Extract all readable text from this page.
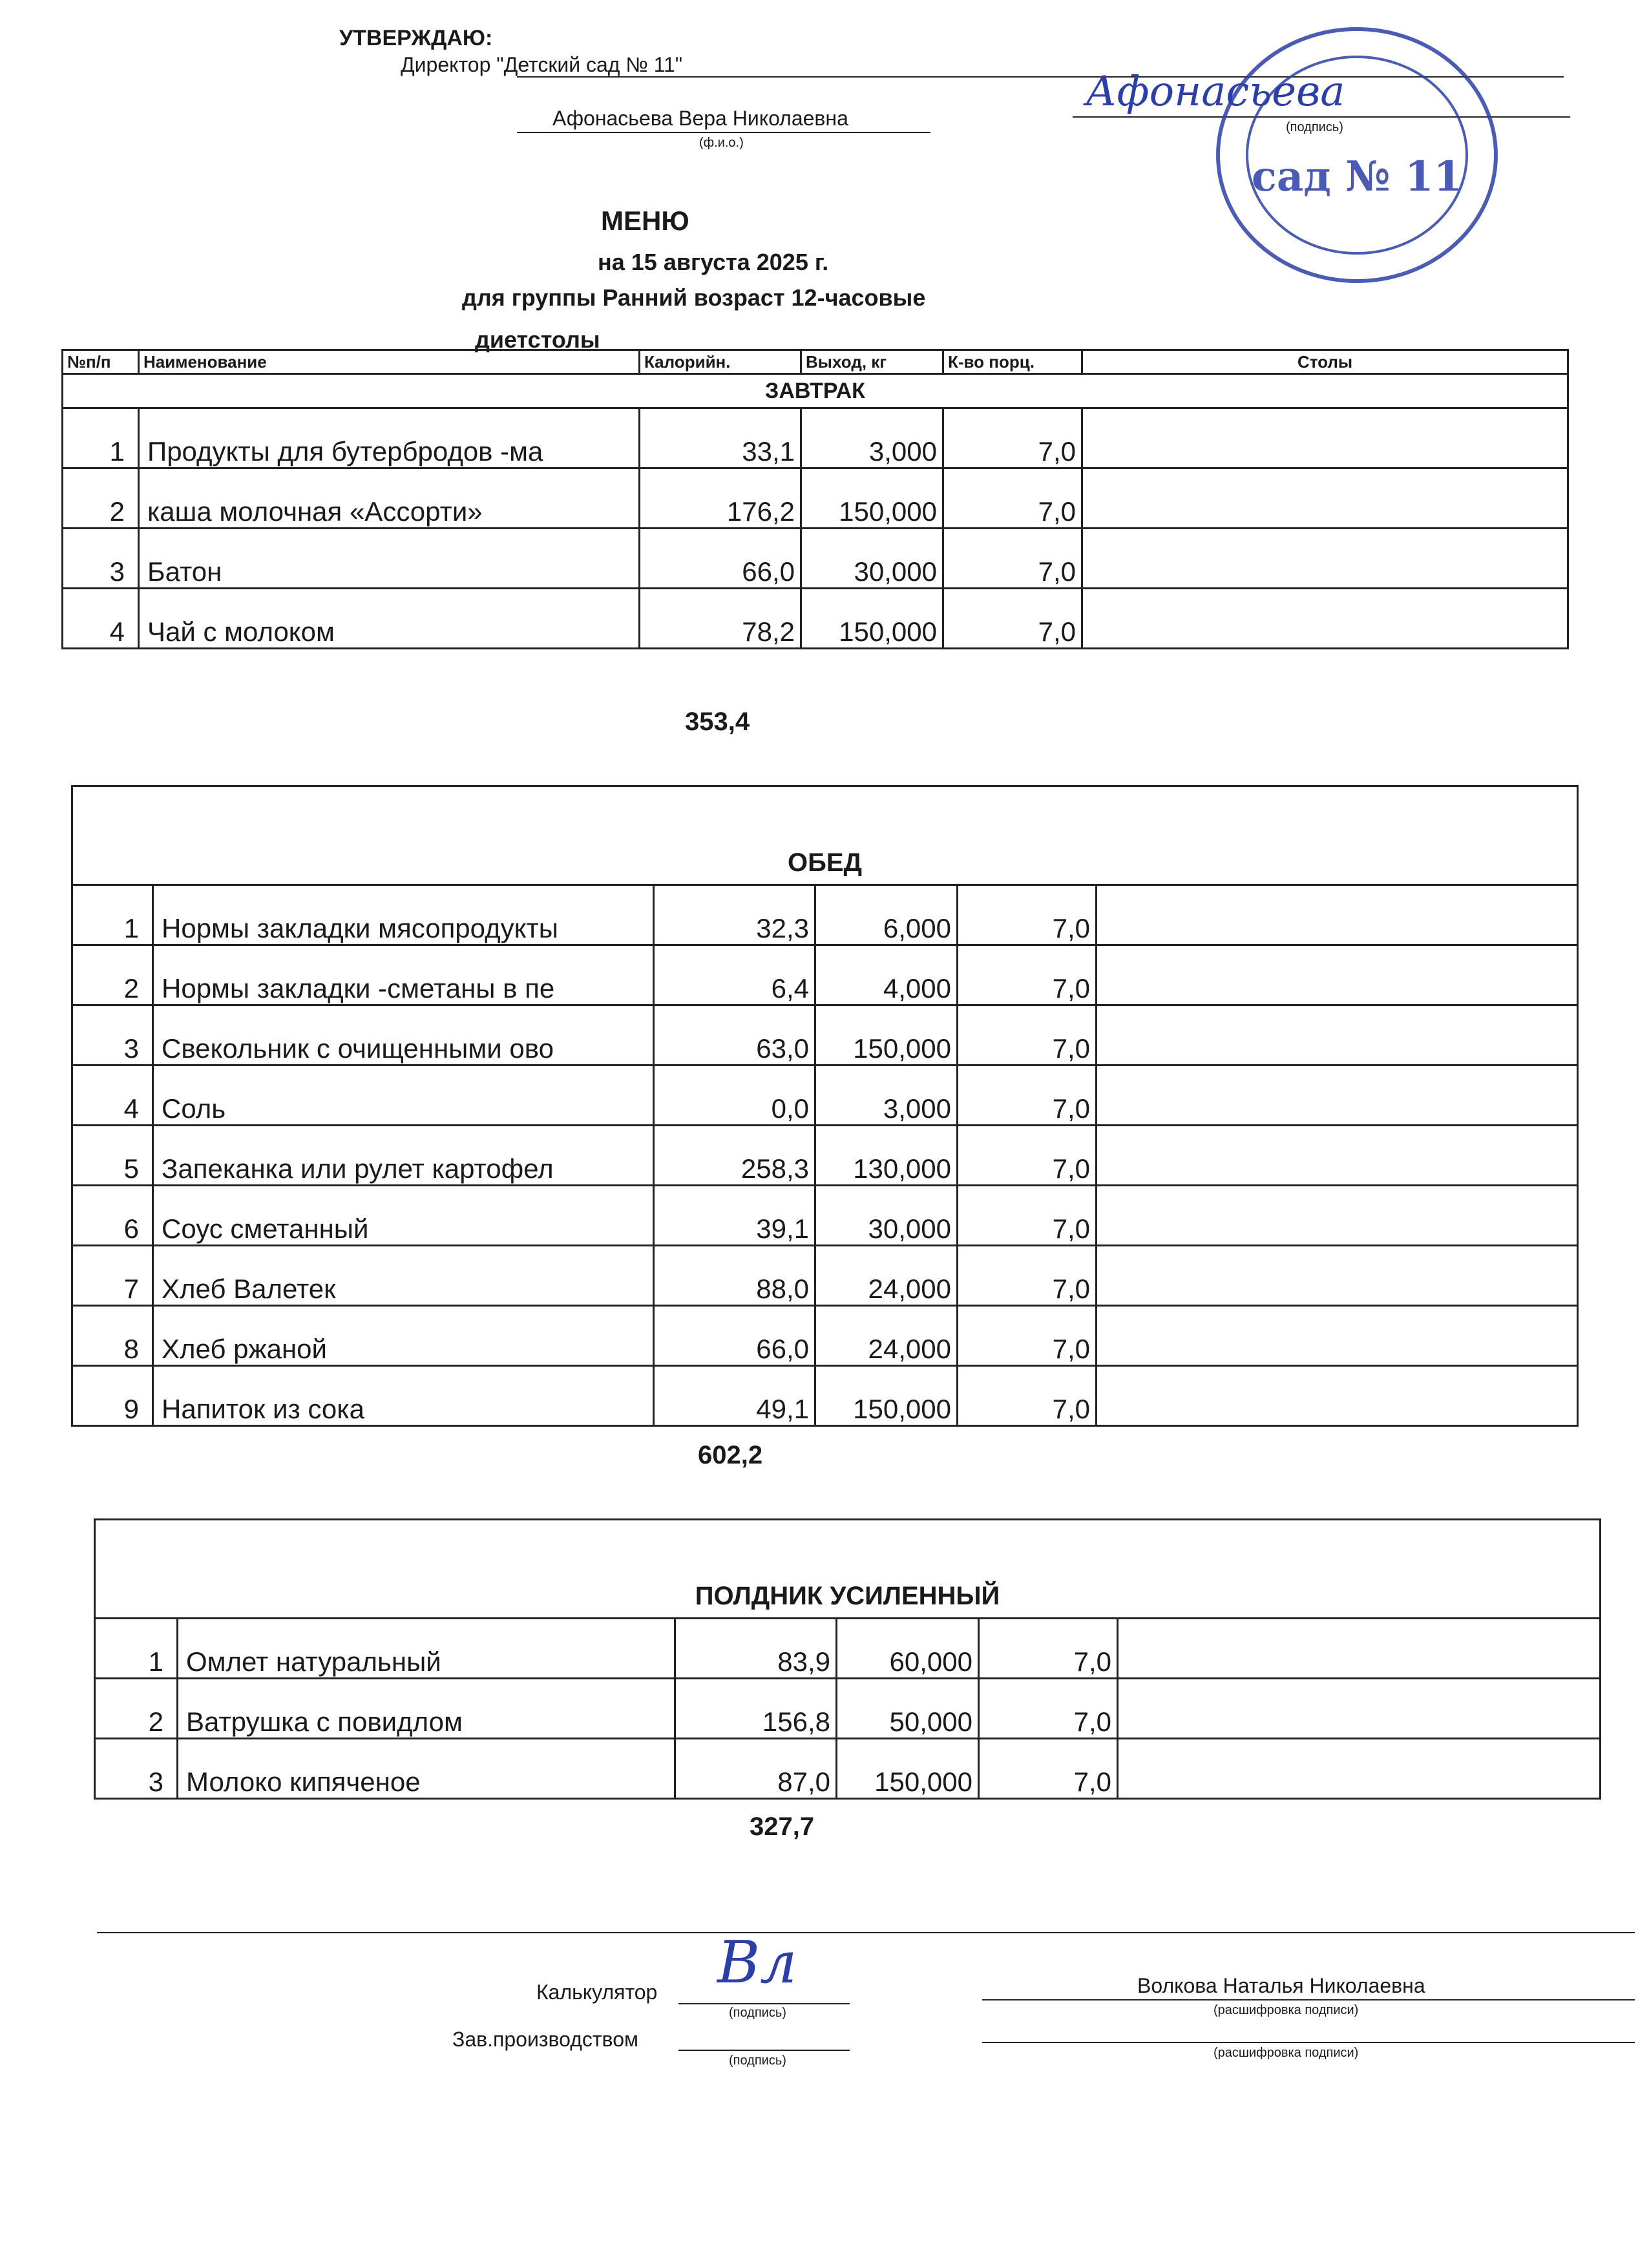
УТВЕРЖДАЮ:
Директор "Детский сад № 11"
Афонасьева Вера Николаевна
(ф.и.о.)
(подпись)
Афонасьева
сад № 11
МЕНЮ
на 15 августа 2025 г.
для группы Ранний возраст 12-часовые
диетстолы
№п/п	Наименование	Калорийн.	Выход, кг	К-во порц.	Столы
ЗАВТРАК					
1	Продукты для бутербродов -ма	33,1	3,000	7,0	
2	каша молочная «Ассорти»	176,2	150,000	7,0	
3	Батон	66,0	30,000	7,0	
4	Чай с молоком	78,2	150,000	7,0	
353,4
ОБЕД					
1	Нормы закладки мясопродукты	32,3	6,000	7,0	
2	Нормы закладки -сметаны в пе	6,4	4,000	7,0	
3	Свекольник с очищенными ово	63,0	150,000	7,0	
4	Соль	0,0	3,000	7,0	
5	Запеканка или рулет картофел	258,3	130,000	7,0	
6	Соус сметанный	39,1	30,000	7,0	
7	Хлеб Валетек	88,0	24,000	7,0	
8	Хлеб ржаной	66,0	24,000	7,0	
9	Напиток из сока	49,1	150,000	7,0	
602,2
ПОЛДНИК УСИЛЕННЫЙ					
1	Омлет натуральный	83,9	60,000	7,0	
2	Ватрушка с повидлом	156,8	50,000	7,0	
3	Молоко кипяченое	87,0	150,000	7,0	
327,7
Вл
Калькулятор
(подпись)
Волкова Наталья Николаевна
(расшифровка подписи)
Зав.производством
(подпись)
(расшифровка подписи)
